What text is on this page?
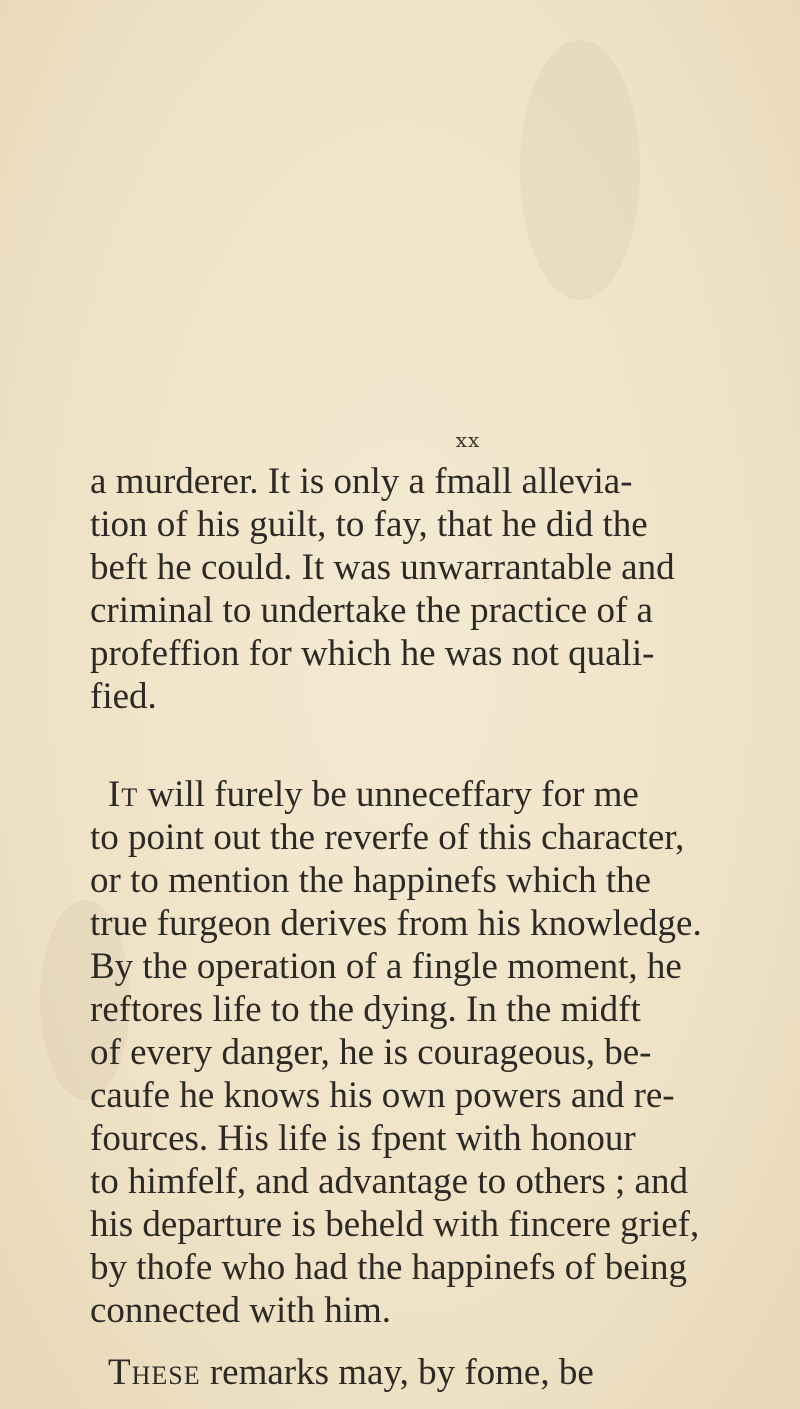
xx
a murderer. It is only a fmall allevia-
tion of his guilt, to fay, that he did the
beft he could. It was unwarrantable and
criminal to undertake the practice of a
profeffion for which he was not quali-
fied.
It will furely be unneceffary for me
to point out the reverfe of this character,
or to mention the happinefs which the
true furgeon derives from his knowledge.
By the operation of a fingle moment, he
reftores life to the dying. In the midft
of every danger, he is courageous, be-
caufe he knows his own powers and re-
fources. His life is fpent with honour
to himfelf, and advantage to others ; and
his departure is beheld with fincere grief,
by thofe who had the happinefs of being
connected with him.
These remarks may, by fome, be
